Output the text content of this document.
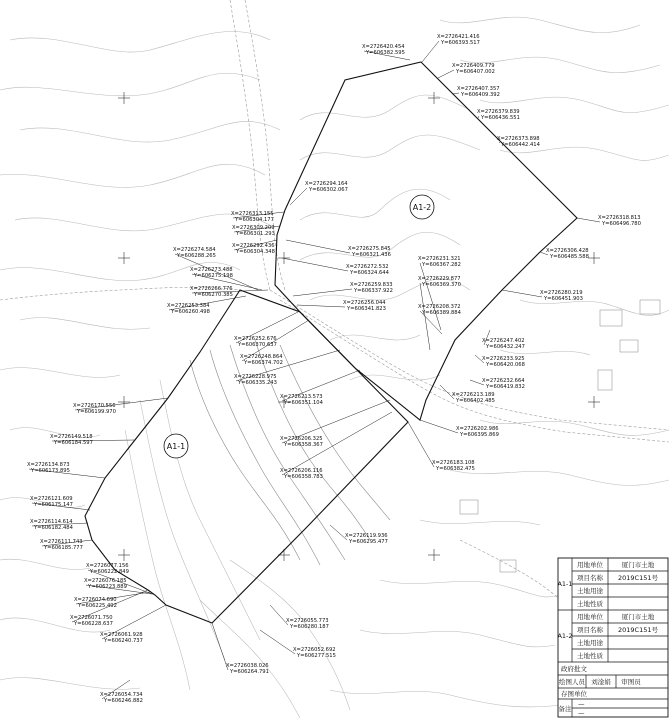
A1-2
A1-1
X=2726421.416 Y=606393.517
X=2726420.454 Y=606382.595
X=2726409.779 Y=606407.002
X=2726407.357 Y=606409.392
X=2726379.839 Y=606436.551
X=2726373.898 Y=606442.414
X=2726318.813 Y=606496.780
X=2726306.428 Y=606485.588
X=2726294.164 Y=606302.067
X=2726313.155 Y=606304.177
X=2726309.209 Y=606301.293
X=2726292.436 Y=606304.348
X=2726274.584 Y=606288.265
X=2726275.845 Y=606321.436
X=2726272.532 Y=606324.644
X=2726273.488 Y=606275.198
X=2726266.776 Y=606270.385
X=2726231.321 Y=606367.282
X=2726229.877 Y=606369.370
X=2726259.833 Y=606337.922
X=2726256.044 Y=606341.823
X=2726253.384 Y=606260.498
X=2726208.372 Y=606389.884
X=2726280.219 Y=606451.903
X=2726252.676 Y=606370.637
X=2726248.864 Y=606374.702
X=2726247.402 Y=606432.247
X=2726233.925 Y=606420.068
X=2726232.664 Y=606419.832
X=2726228.975 Y=606335.243
X=2726213.573 Y=606351.104
X=2726213.189 Y=606402.485
X=2726202.986 Y=606395.869
X=2726206.325 Y=606358.367
X=2726170.556 Y=606199.970
X=2726206.116 Y=606358.783
X=2726183.108 Y=606382.475
X=2726149.518 Y=606184.597
X=2726134.873 Y=606173.895
X=2726121.609 Y=606175.147
X=2726114.614 Y=606182.484
X=2726111.743 Y=606185.777
X=2726119.936 Y=606295.477
X=2726077.156 Y=606222.849
X=2726076.185 Y=606223.889
X=2726074.690 Y=606225.492
X=2726071.750 Y=606228.637
X=2726061.928 Y=606240.737
X=2726055.773 Y=606280.187
X=2726052.692 Y=606277.515
X=2726038.026 Y=606264.791
X=2726054.734 Y=606246.882
A1-1
用地单位	厦门市土地
项目名称 2019C151号
土地用途
土地性质
A1-2
用地单位	厦门市土地
项目名称 2019C151号
土地用途
土地性质
政府批文
绘图人员 刘淦娟 审图员
存图单位
备注
—
—
